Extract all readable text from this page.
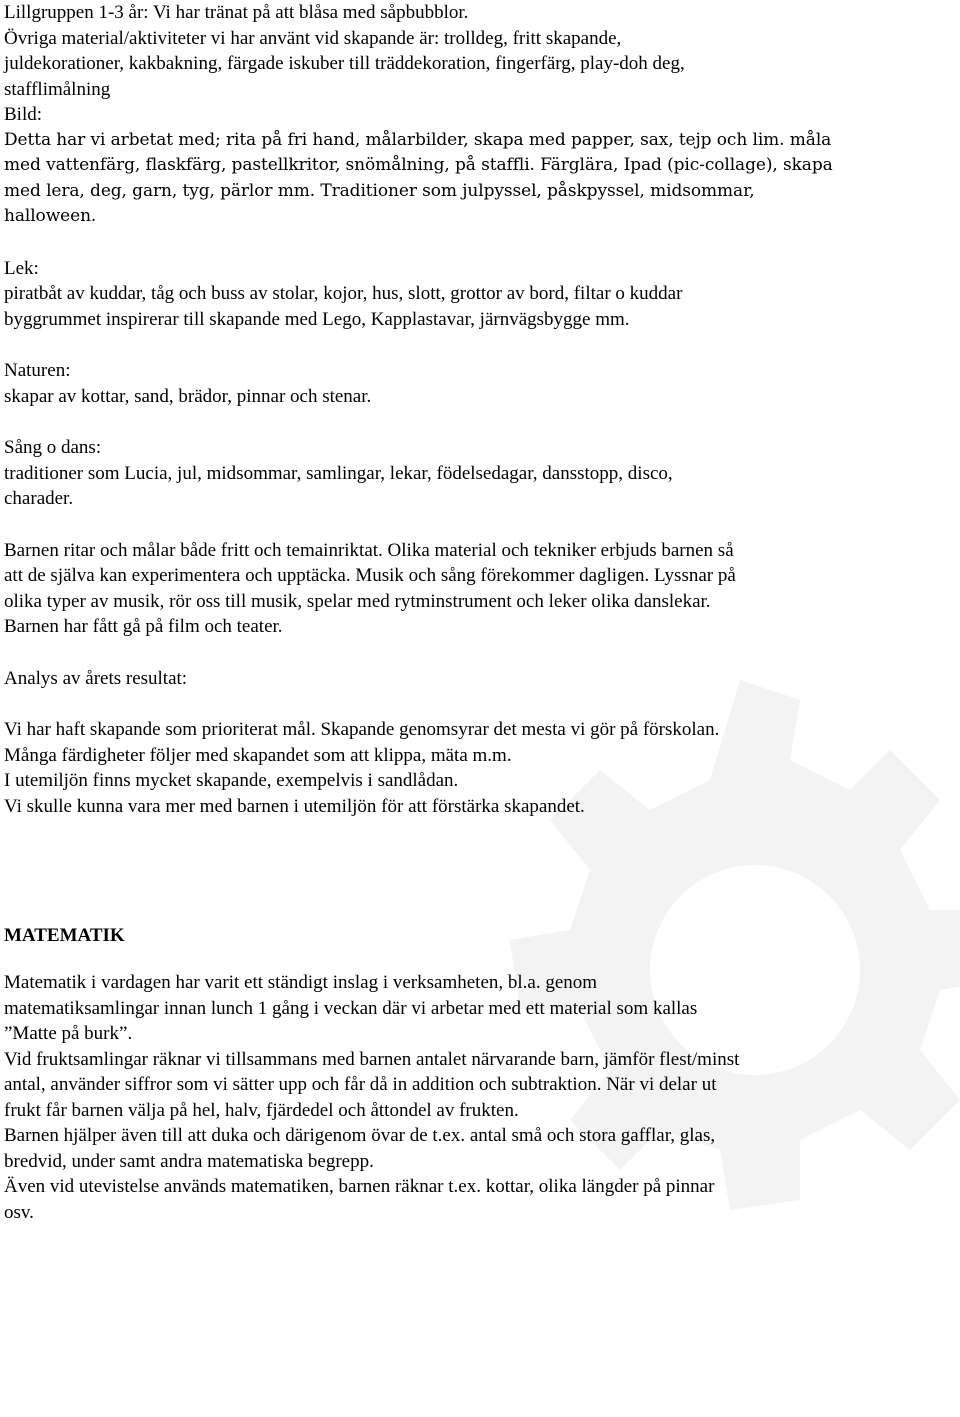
Lillgruppen 1-3 år: Vi har tränat på att blåsa med såpbubblor.

Övriga material/aktiviteter vi har använt vid skapande är: trolldeg, fritt skapande,

juldekorationer, kakbakning, färgade iskuber till träddekoration, fingerfärg, play-doh deg,

stafflimålning

Bild:

Detta har vi arbetat med; rita på fri hand, målarbilder, skapa med papper, sax, tejp och lim. måla

med vattenfärg, flaskfärg, pastellkritor, snömålning, på staffli. Färglära, Ipad (pic-collage), skapa

med lera, deg, garn, tyg, pärlor mm. Traditioner som julpyssel, påskpyssel, midsommar,

halloween.

Lek:

piratbåt av kuddar, tåg och buss av stolar, kojor, hus, slott, grottor av bord, filtar o kuddar

byggrummet inspirerar till skapande med Lego, Kapplastavar, järnvägsbygge mm.

Naturen:

skapar av kottar, sand, brädor, pinnar och stenar.

Sång o dans:

traditioner som Lucia, jul, midsommar, samlingar, lekar, födelsedagar, dansstopp, disco,

charader.

Barnen ritar och målar både fritt och temainriktat. Olika material och tekniker erbjuds barnen så

att de själva kan experimentera och upptäcka. Musik och sång förekommer dagligen. Lyssnar på

olika typer av musik, rör oss till musik, spelar med rytminstrument och leker olika danslekar.

Barnen har fått gå på film och teater.

Analys av årets resultat:

Vi har haft skapande som prioriterat mål. Skapande genomsyrar det mesta vi gör på förskolan.

Många färdigheter följer med skapandet som att klippa, mäta m.m.

I utemiljön finns mycket skapande, exempelvis i sandlådan.

Vi skulle kunna vara mer med barnen i utemiljön för att förstärka skapandet.

MATEMATIK

Matematik i vardagen har varit ett ständigt inslag i verksamheten, bl.a. genom

matematiksamlingar innan lunch 1 gång i veckan där vi arbetar med ett material som kallas

”Matte på burk”.

Vid fruktsamlingar räknar vi tillsammans med barnen antalet närvarande barn, jämför flest/minst

antal, använder siffror som vi sätter upp och får då in addition och subtraktion. När vi delar ut

frukt får barnen välja på hel, halv, fjärdedel och åttondel av frukten.

Barnen hjälper även till att duka och därigenom övar de t.ex. antal små och stora gafflar, glas,

bredvid, under samt andra matematiska begrepp.

Även vid utevistelse används matematiken, barnen räknar t.ex. kottar, olika längder på pinnar

osv.
